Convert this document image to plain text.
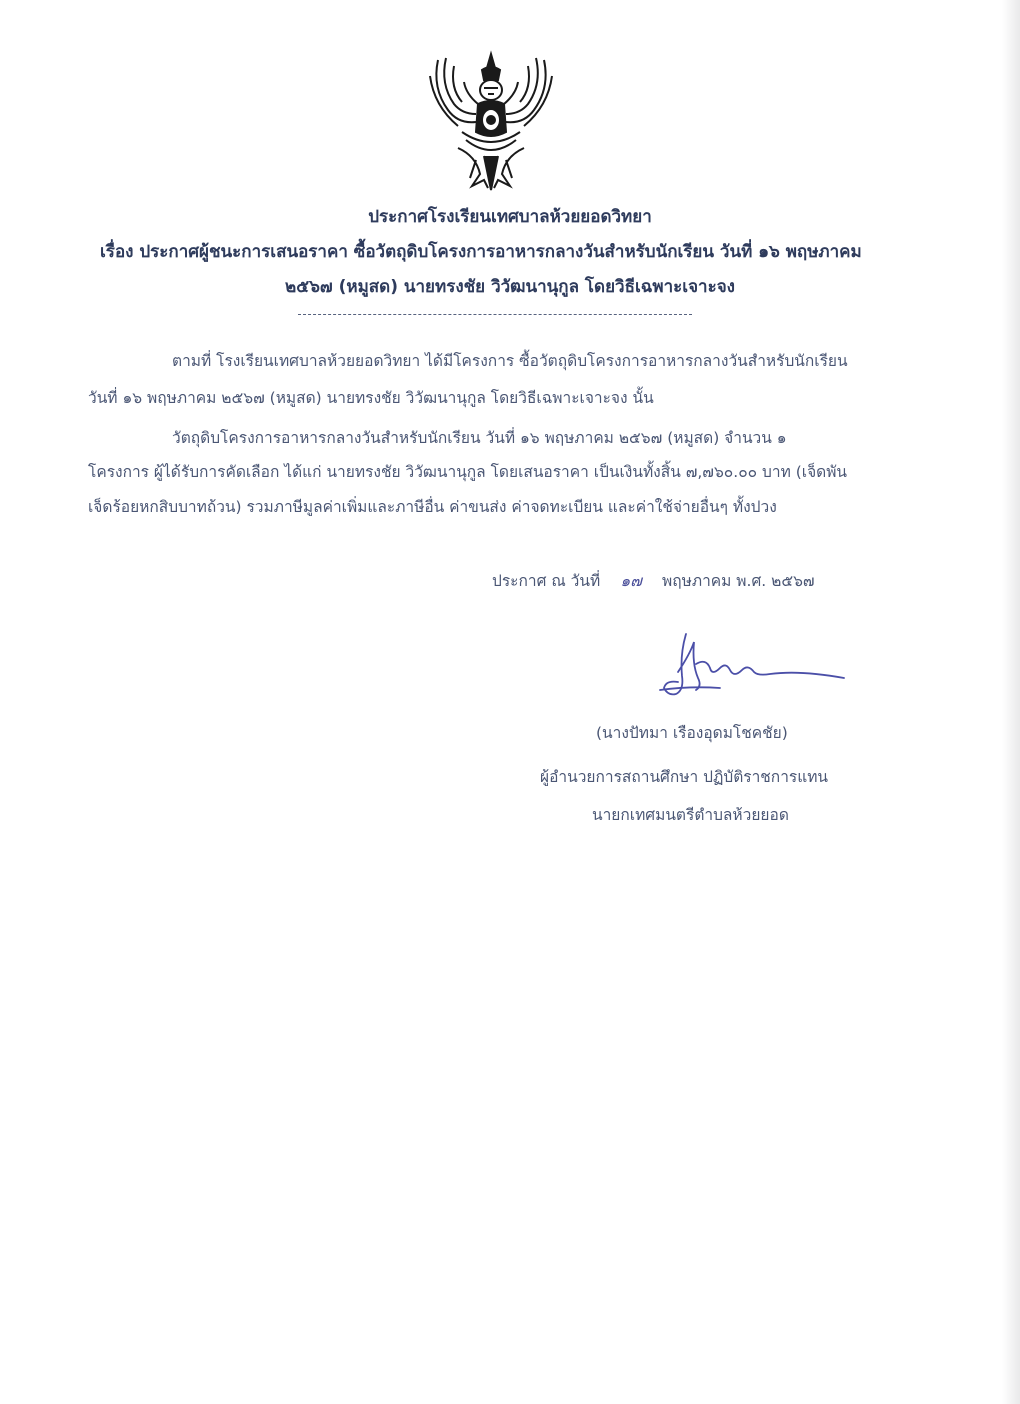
ประกาศโรงเรียนเทศบาลห้วยยอดวิทยา
เรื่อง ประกาศผู้ชนะการเสนอราคา ซื้อวัตถุดิบโครงการอาหารกลางวันสำหรับนักเรียน วันที่ ๑๖ พฤษภาคม
๒๕๖๗ (หมูสด) นายทรงชัย วิวัฒนานุกูล โดยวิธีเฉพาะเจาะจง
ตามที่ โรงเรียนเทศบาลห้วยยอดวิทยา ได้มีโครงการ ซื้อวัตถุดิบโครงการอาหารกลางวันสำหรับนักเรียน
วันที่ ๑๖ พฤษภาคม ๒๕๖๗ (หมูสด) นายทรงชัย วิวัฒนานุกูล โดยวิธีเฉพาะเจาะจง นั้น
วัตถุดิบโครงการอาหารกลางวันสำหรับนักเรียน วันที่ ๑๖ พฤษภาคม ๒๕๖๗ (หมูสด) จำนวน ๑
โครงการ ผู้ได้รับการคัดเลือก ได้แก่ นายทรงชัย วิวัฒนานุกูล โดยเสนอราคา เป็นเงินทั้งสิ้น ๗,๗๖๐.๐๐ บาท (เจ็ดพัน
เจ็ดร้อยหกสิบบาทถ้วน) รวมภาษีมูลค่าเพิ่มและภาษีอื่น ค่าขนส่ง ค่าจดทะเบียน และค่าใช้จ่ายอื่นๆ ทั้งปวง
ประกาศ ณ วันที่ ๑๗ พฤษภาคม พ.ศ. ๒๕๖๗
(นางปัทมา เรืองอุดมโชคชัย)
ผู้อำนวยการสถานศึกษา ปฏิบัติราชการแทน
นายกเทศมนตรีตำบลห้วยยอด
